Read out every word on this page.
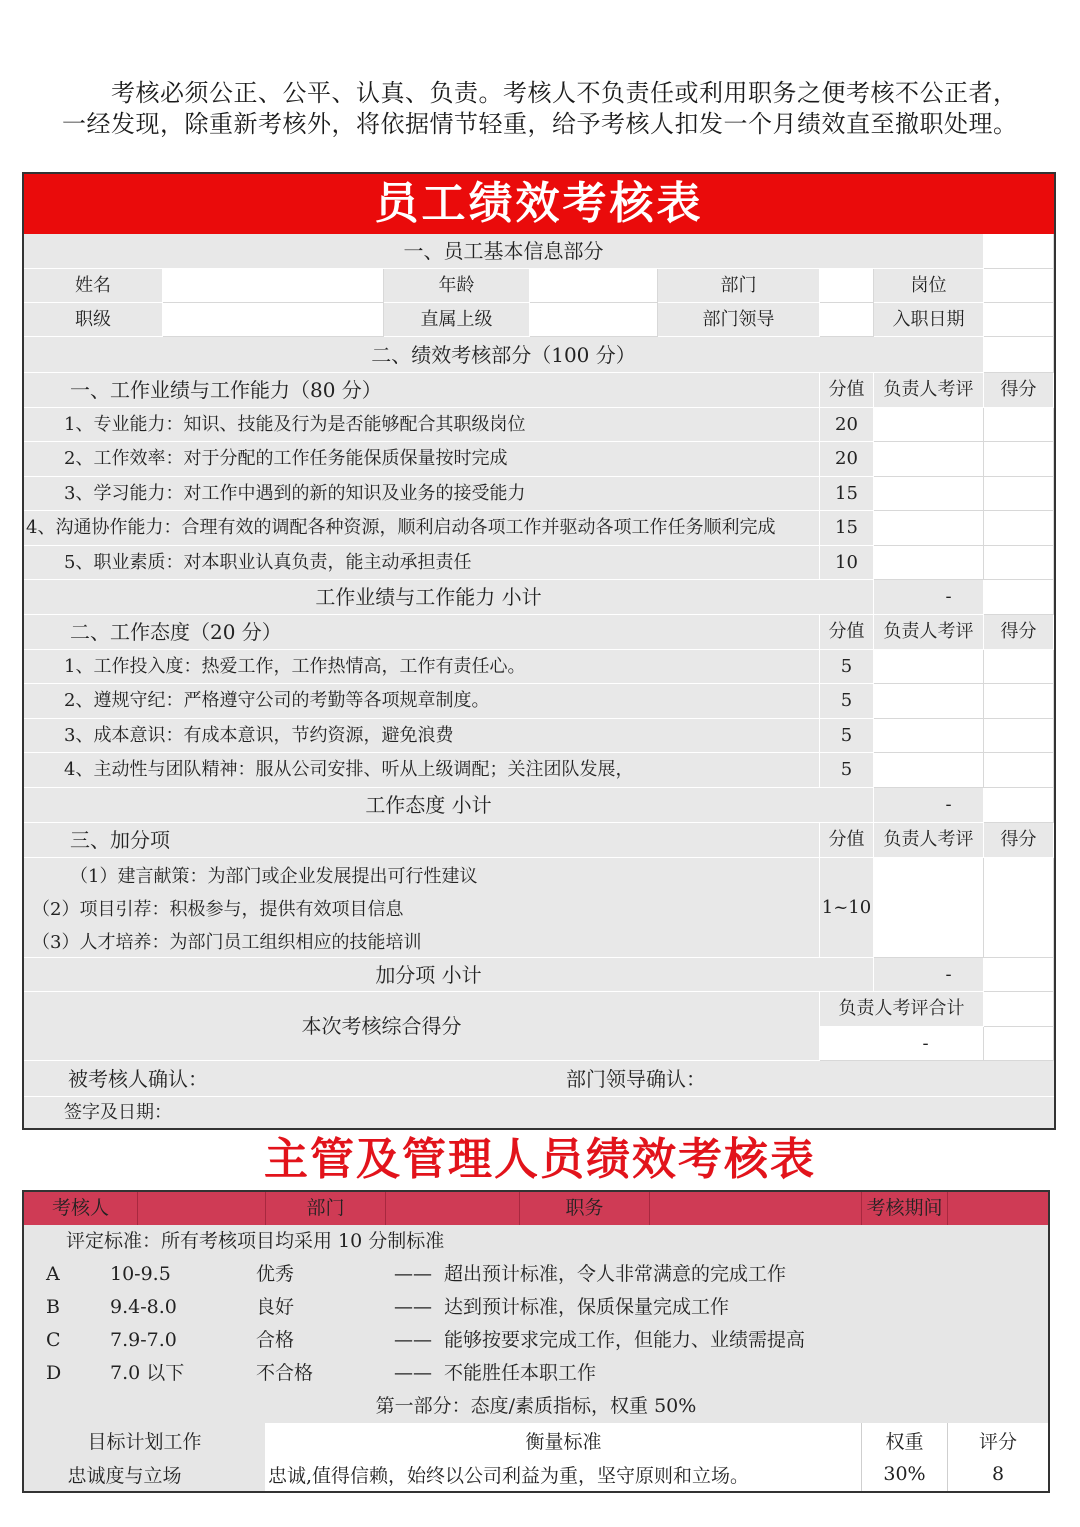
　　考核必须公正、公平、认真、负责。考核人不负责任或利用职务之便考核不公正者，一经发现，除重新考核外，将依据情节轻重，给予考核人扣发一个月绩效直至撤职处理。
员工绩效考核表
一、员工基本信息部分
姓名	年龄	部门	岗位
职级	直属上级	部门领导	入职日期
二、绩效考核部分（100 分）
一、工作业绩与工作能力（80 分）	分值	负责人考评	得分
1、专业能力：知识、技能及行为是否能够配合其职级岗位	20
2、工作效率：对于分配的工作任务能保质保量按时完成	20
3、学习能力：对工作中遇到的新的知识及业务的接受能力	15
4、沟通协作能力：合理有效的调配各种资源，顺利启动各项工作并驱动各项工作任务顺利完成	15
5、职业素质：对本职业认真负责，能主动承担责任	10
工作业绩与工作能力 小计	-
二、工作态度（20 分）	分值	负责人考评	得分
1、工作投入度：热爱工作，工作热情高，工作有责任心。	5
2、遵规守纪：严格遵守公司的考勤等各项规章制度。	5
3、成本意识：有成本意识，节约资源，避免浪费	5
4、主动性与团队精神：服从公司安排、听从上级调配；关注团队发展，	5
工作态度 小计	-
三、加分项	分值	负责人考评	得分
（1）建言献策：为部门或企业发展提出可行性建议
（2）项目引荐：积极参与，提供有效项目信息
（3）人才培养：为部门员工组织相应的技能培训
1~10
加分项 小计	-
本次考核综合得分
负责人考评合计
-
被考核人确认：	部门领导确认：
签字及日期：
主管及管理人员绩效考核表
考核人	部门	职务	考核期间
评定标准：所有考核项目均采用 10 分制标准
A	10-9.5	优秀	—— 超出预计标准，令人非常满意的完成工作
B	9.4-8.0	良好	—— 达到预计标准，保质保量完成工作
C	7.9-7.0	合格	—— 能够按要求完成工作，但能力、业绩需提高
D	7.0 以下	不合格	—— 不能胜任本职工作
第一部分：态度/素质指标，权重 50%
目标计划工作	衡量标准	权重	评分
忠诚度与立场	忠诚,值得信赖，始终以公司利益为重，坚守原则和立场。	30%	8
